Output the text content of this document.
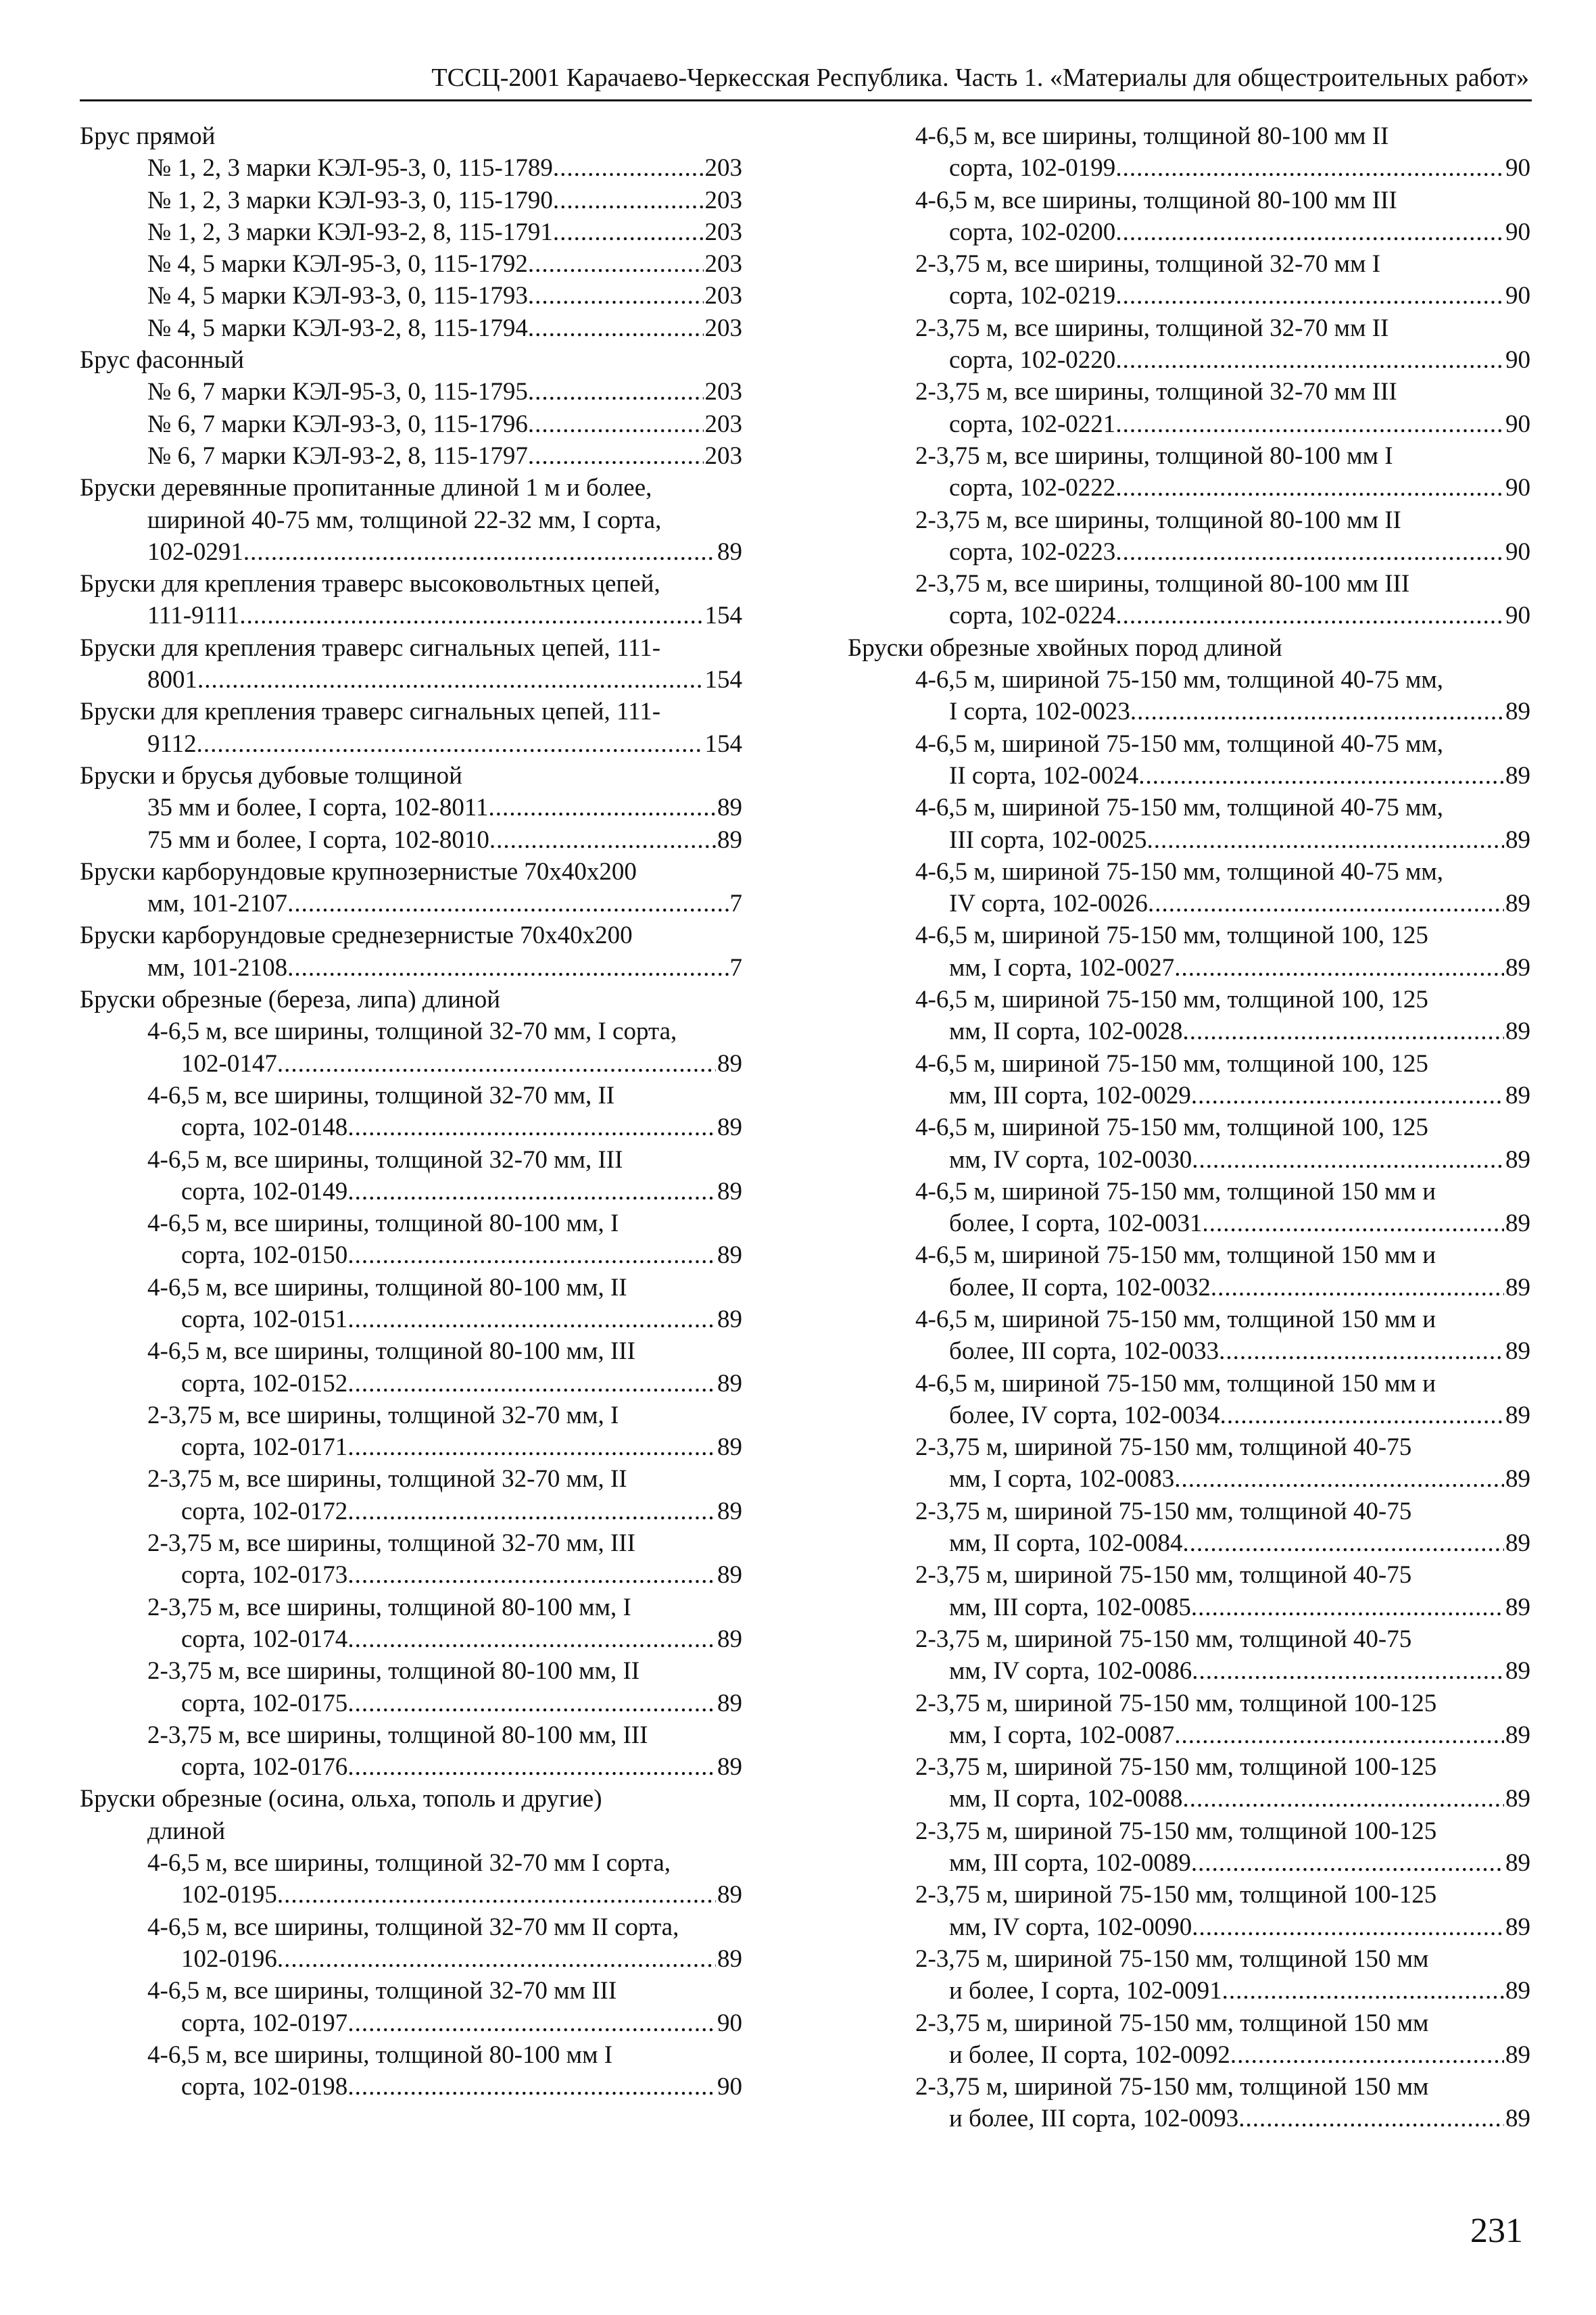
ТССЦ-2001 Карачаево-Черкесская Республика. Часть 1. «Материалы для общестроительных работ»
Брус прямой
№ 1, 2, 3 марки КЭЛ-95-3, 0, 115-1789 .....	203
№ 1, 2, 3 марки КЭЛ-93-3, 0, 115-1790 .....	203
№ 1, 2, 3 марки КЭЛ-93-2, 8, 115-1791 .....	203
№ 4, 5 марки КЭЛ-95-3, 0, 115-1792 .....	203
№ 4, 5 марки КЭЛ-93-3, 0, 115-1793 .....	203
№ 4, 5 марки КЭЛ-93-2, 8, 115-1794 .....	203
Брус фасонный
№ 6, 7 марки КЭЛ-95-3, 0, 115-1795 .....	203
№ 6, 7 марки КЭЛ-93-3, 0, 115-1796 .....	203
№ 6, 7 марки КЭЛ-93-2, 8, 115-1797 .....	203
Бруски деревянные пропитанные длиной 1 м и более,
шириной 40-75 мм, толщиной 22-32 мм, I сорта,
102-0291 .....	89
Бруски для крепления траверс высоковольтных цепей,
111-9111 .....	154
Бруски для крепления траверс сигнальных цепей, 111-
8001 .....	154
Бруски для крепления траверс сигнальных цепей, 111-
9112 .....	154
Бруски и брусья дубовые толщиной
35 мм и более, I сорта, 102-8011 .....	89
75 мм и более, I сорта, 102-8010 .....	89
Бруски карборундовые крупнозернистые 70х40х200
мм, 101-2107 .....	7
Бруски карборундовые среднезернистые 70х40х200
мм, 101-2108 .....	7
Бруски обрезные (береза, липа) длиной
4-6,5 м, все ширины, толщиной 32-70 мм, I сорта,
102-0147 .....	89
4-6,5 м, все ширины, толщиной 32-70 мм, II
сорта, 102-0148 .....	89
4-6,5 м, все ширины, толщиной 32-70 мм, III
сорта, 102-0149 .....	89
4-6,5 м, все ширины, толщиной 80-100 мм, I
сорта, 102-0150 .....	89
4-6,5 м, все ширины, толщиной 80-100 мм, II
сорта, 102-0151 .....	89
4-6,5 м, все ширины, толщиной 80-100 мм, III
сорта, 102-0152 .....	89
2-3,75 м, все ширины, толщиной 32-70 мм, I
сорта, 102-0171 .....	89
2-3,75 м, все ширины, толщиной 32-70 мм, II
сорта, 102-0172 .....	89
2-3,75 м, все ширины, толщиной 32-70 мм, III
сорта, 102-0173 .....	89
2-3,75 м, все ширины, толщиной 80-100 мм, I
сорта, 102-0174 .....	89
2-3,75 м, все ширины, толщиной 80-100 мм, II
сорта, 102-0175 .....	89
2-3,75 м, все ширины, толщиной 80-100 мм, III
сорта, 102-0176 .....	89
Бруски обрезные (осина, ольха, тополь и другие)
длиной
4-6,5 м, все ширины, толщиной 32-70 мм I сорта,
102-0195 .....	89
4-6,5 м, все ширины, толщиной 32-70 мм II сорта,
102-0196 .....	89
4-6,5 м, все ширины, толщиной 32-70 мм III
сорта, 102-0197 .....	90
4-6,5 м, все ширины, толщиной 80-100 мм I
сорта, 102-0198 .....	90
4-6,5 м, все ширины, толщиной 80-100 мм II
сорта, 102-0199 .....	90
4-6,5 м, все ширины, толщиной 80-100 мм III
сорта, 102-0200 .....	90
2-3,75 м, все ширины, толщиной 32-70 мм I
сорта, 102-0219 .....	90
2-3,75 м, все ширины, толщиной 32-70 мм II
сорта, 102-0220 .....	90
2-3,75 м, все ширины, толщиной 32-70 мм III
сорта, 102-0221 .....	90
2-3,75 м, все ширины, толщиной 80-100 мм I
сорта, 102-0222 .....	90
2-3,75 м, все ширины, толщиной 80-100 мм II
сорта, 102-0223 .....	90
2-3,75 м, все ширины, толщиной 80-100 мм III
сорта, 102-0224 .....	90
Бруски обрезные хвойных пород длиной
4-6,5 м, шириной 75-150 мм, толщиной 40-75 мм,
I сорта, 102-0023 .....	89
4-6,5 м, шириной 75-150 мм, толщиной 40-75 мм,
II сорта, 102-0024 .....	89
4-6,5 м, шириной 75-150 мм, толщиной 40-75 мм,
III сорта, 102-0025 .....	89
4-6,5 м, шириной 75-150 мм, толщиной 40-75 мм,
IV сорта, 102-0026 .....	89
4-6,5 м, шириной 75-150 мм, толщиной 100, 125
мм, I сорта, 102-0027 .....	89
4-6,5 м, шириной 75-150 мм, толщиной 100, 125
мм, II сорта, 102-0028 .....	89
4-6,5 м, шириной 75-150 мм, толщиной 100, 125
мм, III сорта, 102-0029 .....	89
4-6,5 м, шириной 75-150 мм, толщиной 100, 125
мм, IV сорта, 102-0030 .....	89
4-6,5 м, шириной 75-150 мм, толщиной 150 мм и
более, I сорта, 102-0031 .....	89
4-6,5 м, шириной 75-150 мм, толщиной 150 мм и
более, II сорта, 102-0032 .....	89
4-6,5 м, шириной 75-150 мм, толщиной 150 мм и
более, III сорта, 102-0033 .....	89
4-6,5 м, шириной 75-150 мм, толщиной 150 мм и
более, IV сорта, 102-0034 .....	89
2-3,75 м, шириной 75-150 мм, толщиной 40-75
мм, I сорта, 102-0083 .....	89
2-3,75 м, шириной 75-150 мм, толщиной 40-75
мм, II сорта, 102-0084 .....	89
2-3,75 м, шириной 75-150 мм, толщиной 40-75
мм, III сорта, 102-0085 .....	89
2-3,75 м, шириной 75-150 мм, толщиной 40-75
мм, IV сорта, 102-0086 .....	89
2-3,75 м, шириной 75-150 мм, толщиной 100-125
мм, I сорта, 102-0087 .....	89
2-3,75 м, шириной 75-150 мм, толщиной 100-125
мм, II сорта, 102-0088 .....	89
2-3,75 м, шириной 75-150 мм, толщиной 100-125
мм, III сорта, 102-0089 .....	89
2-3,75 м, шириной 75-150 мм, толщиной 100-125
мм, IV сорта, 102-0090 .....	89
2-3,75 м, шириной 75-150 мм, толщиной 150 мм
и более, I сорта, 102-0091 .....	89
2-3,75 м, шириной 75-150 мм, толщиной 150 мм
и более, II сорта, 102-0092 .....	89
2-3,75 м, шириной 75-150 мм, толщиной 150 мм
и более, III сорта, 102-0093 .....	89
231
